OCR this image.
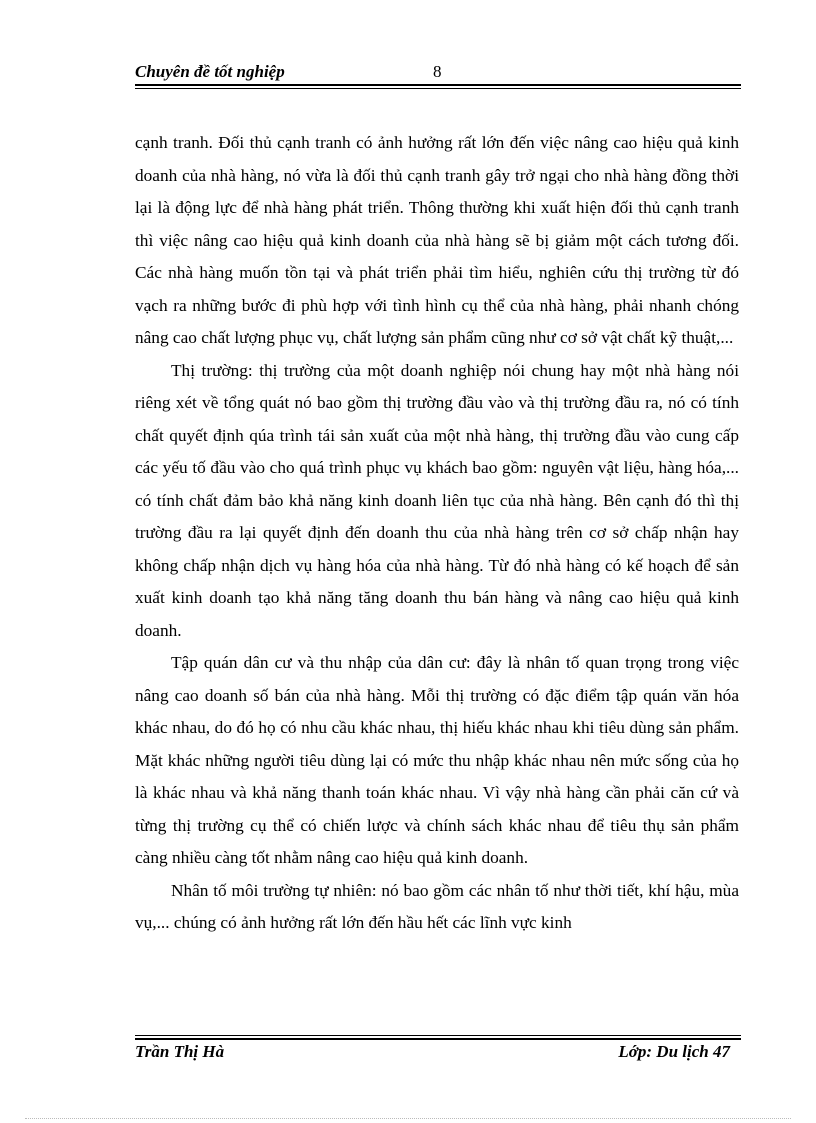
Chuyên đề tốt nghiệp	8

cạnh tranh. Đối thủ cạnh tranh có ảnh hưởng rất lớn đến việc nâng cao hiệu quả kinh doanh của nhà hàng, nó vừa là đối thủ cạnh tranh gây trở ngại cho nhà hàng đồng thời lại là động lực để nhà hàng phát triển. Thông thường khi xuất hiện đối thủ cạnh tranh thì việc nâng cao hiệu quả kinh doanh của nhà hàng sẽ bị giảm một cách tương đối. Các nhà hàng muốn tồn tại và phát triển phải tìm hiểu, nghiên cứu thị trường từ đó vạch ra những bước đi phù hợp với tình hình cụ thể của nhà hàng, phải nhanh chóng nâng cao chất lượng phục vụ, chất lượng sản phẩm cũng như cơ sở vật chất kỹ thuật,...

Thị trường: thị trường của một doanh nghiệp nói chung hay một nhà hàng nói riêng xét về tổng quát nó bao gồm thị trường đầu vào và thị trường đầu ra, nó có tính chất quyết định qúa trình tái sản xuất của một nhà hàng, thị trường đầu vào cung cấp các yếu tố đầu vào cho quá trình phục vụ khách bao gồm: nguyên vật liệu, hàng hóa,... có tính chất đảm bảo khả năng kinh doanh liên tục của nhà hàng. Bên cạnh đó thì thị trường đầu ra lại quyết định đến doanh thu của nhà hàng trên cơ sở chấp nhận hay không chấp nhận dịch vụ hàng hóa của nhà hàng. Từ đó nhà hàng có kế hoạch để sản xuất kinh doanh tạo khả năng tăng doanh thu bán hàng và nâng cao hiệu quả kinh doanh.

Tập quán dân cư và thu nhập của dân cư: đây là nhân tố quan trọng trong việc nâng cao doanh số bán của nhà hàng. Mỗi thị trường có đặc điểm tập quán văn hóa khác nhau, do đó họ có nhu cầu khác nhau, thị hiếu khác nhau khi tiêu dùng sản phẩm. Mặt khác những người tiêu dùng lại có mức thu nhập khác nhau nên mức sống của họ là khác nhau và khả năng thanh toán khác nhau. Vì vậy nhà hàng cần phải căn cứ và từng thị trường cụ thể có chiến lược và chính sách khác nhau để tiêu thụ sản phẩm càng nhiều càng tốt nhằm nâng cao hiệu quả kinh doanh.

Nhân tố môi trường tự nhiên: nó bao gồm các nhân tố như thời tiết, khí hậu, mùa vụ,... chúng có ảnh hưởng rất lớn đến hầu hết các lĩnh vực kinh

Trần Thị Hà	Lớp: Du lịch 47
